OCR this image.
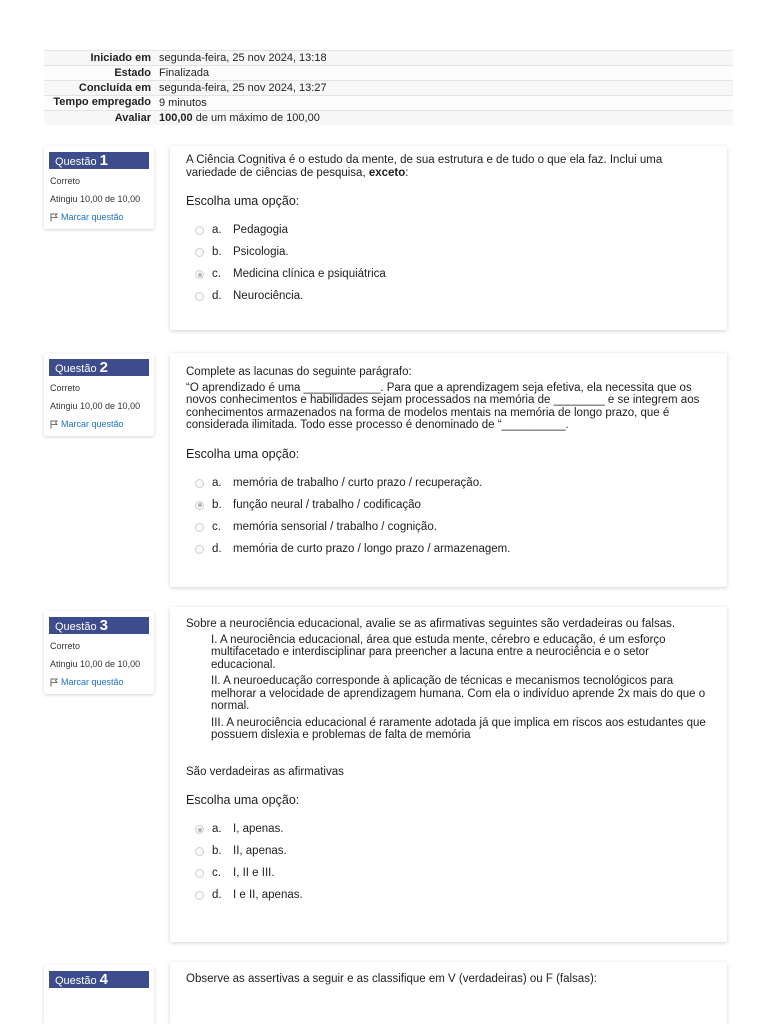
Iniciado em	segunda-feira, 25 nov 2024, 13:18
Estado	Finalizada
Concluída em	segunda-feira, 25 nov 2024, 13:27
Tempo empregado	9 minutos
Avaliar	100,00 de um máximo de 100,00
Questão 1
Correto
Atingiu 10,00 de 10,00
Marcar questão

A Ciência Cognitiva é o estudo da mente, de sua estrutura e de tudo o que ela faz. Inclui uma variedade de ciências de pesquisa, exceto:

Escolha uma opção:
a. Pedagogia
b. Psicologia.
c.	Medicina clínica e psiquiátrica
d. Neurociência.
Questão 2
Correto
Atingiu 10,00 de 10,00
Marcar questão

Complete as lacunas do seguinte parágrafo:

“O aprendizado é uma ____________. Para que a aprendizagem seja efetiva, ela necessita que os novos conhecimentos e habilidades sejam processados na memória de ________ e se integrem aos conhecimentos armazenados na forma de modelos mentais na memória de longo prazo, que é considerada ilimitada. Todo esse processo é denominado de “__________.

Escolha uma opção:
a. memória de trabalho / curto prazo / recuperação.
b. função neural / trabalho / codificação
c.	memória sensorial / trabalho / cognição.
d. memória de curto prazo / longo prazo / armazenagem.
Questão 3
Correto
Atingiu 10,00 de 10,00
Marcar questão

Sobre a neurociência educacional, avalie se as afirmativas seguintes são verdadeiras ou falsas.

I. A neurociência educacional, área que estuda mente, cérebro e educação, é um esforço multifacetado e interdisciplinar para preencher a lacuna entre a neurociência e o setor educacional.

II. A neuroeducação corresponde à aplicação de técnicas e mecanismos tecnológicos para melhorar a velocidade de aprendizagem humana. Com ela o indivíduo aprende 2x mais do que o normal.

III. A neurociência educacional é raramente adotada já que implica em riscos aos estudantes que possuem dislexia e problemas de falta de memória

São verdadeiras as afirmativas

Escolha uma opção:
a. I, apenas.
b. II, apenas.
c.	I, II e III.
d. I e II, apenas.
Questão 4	Observe as assertivas a seguir e as classifique em V (verdadeiras) ou F (falsas):
